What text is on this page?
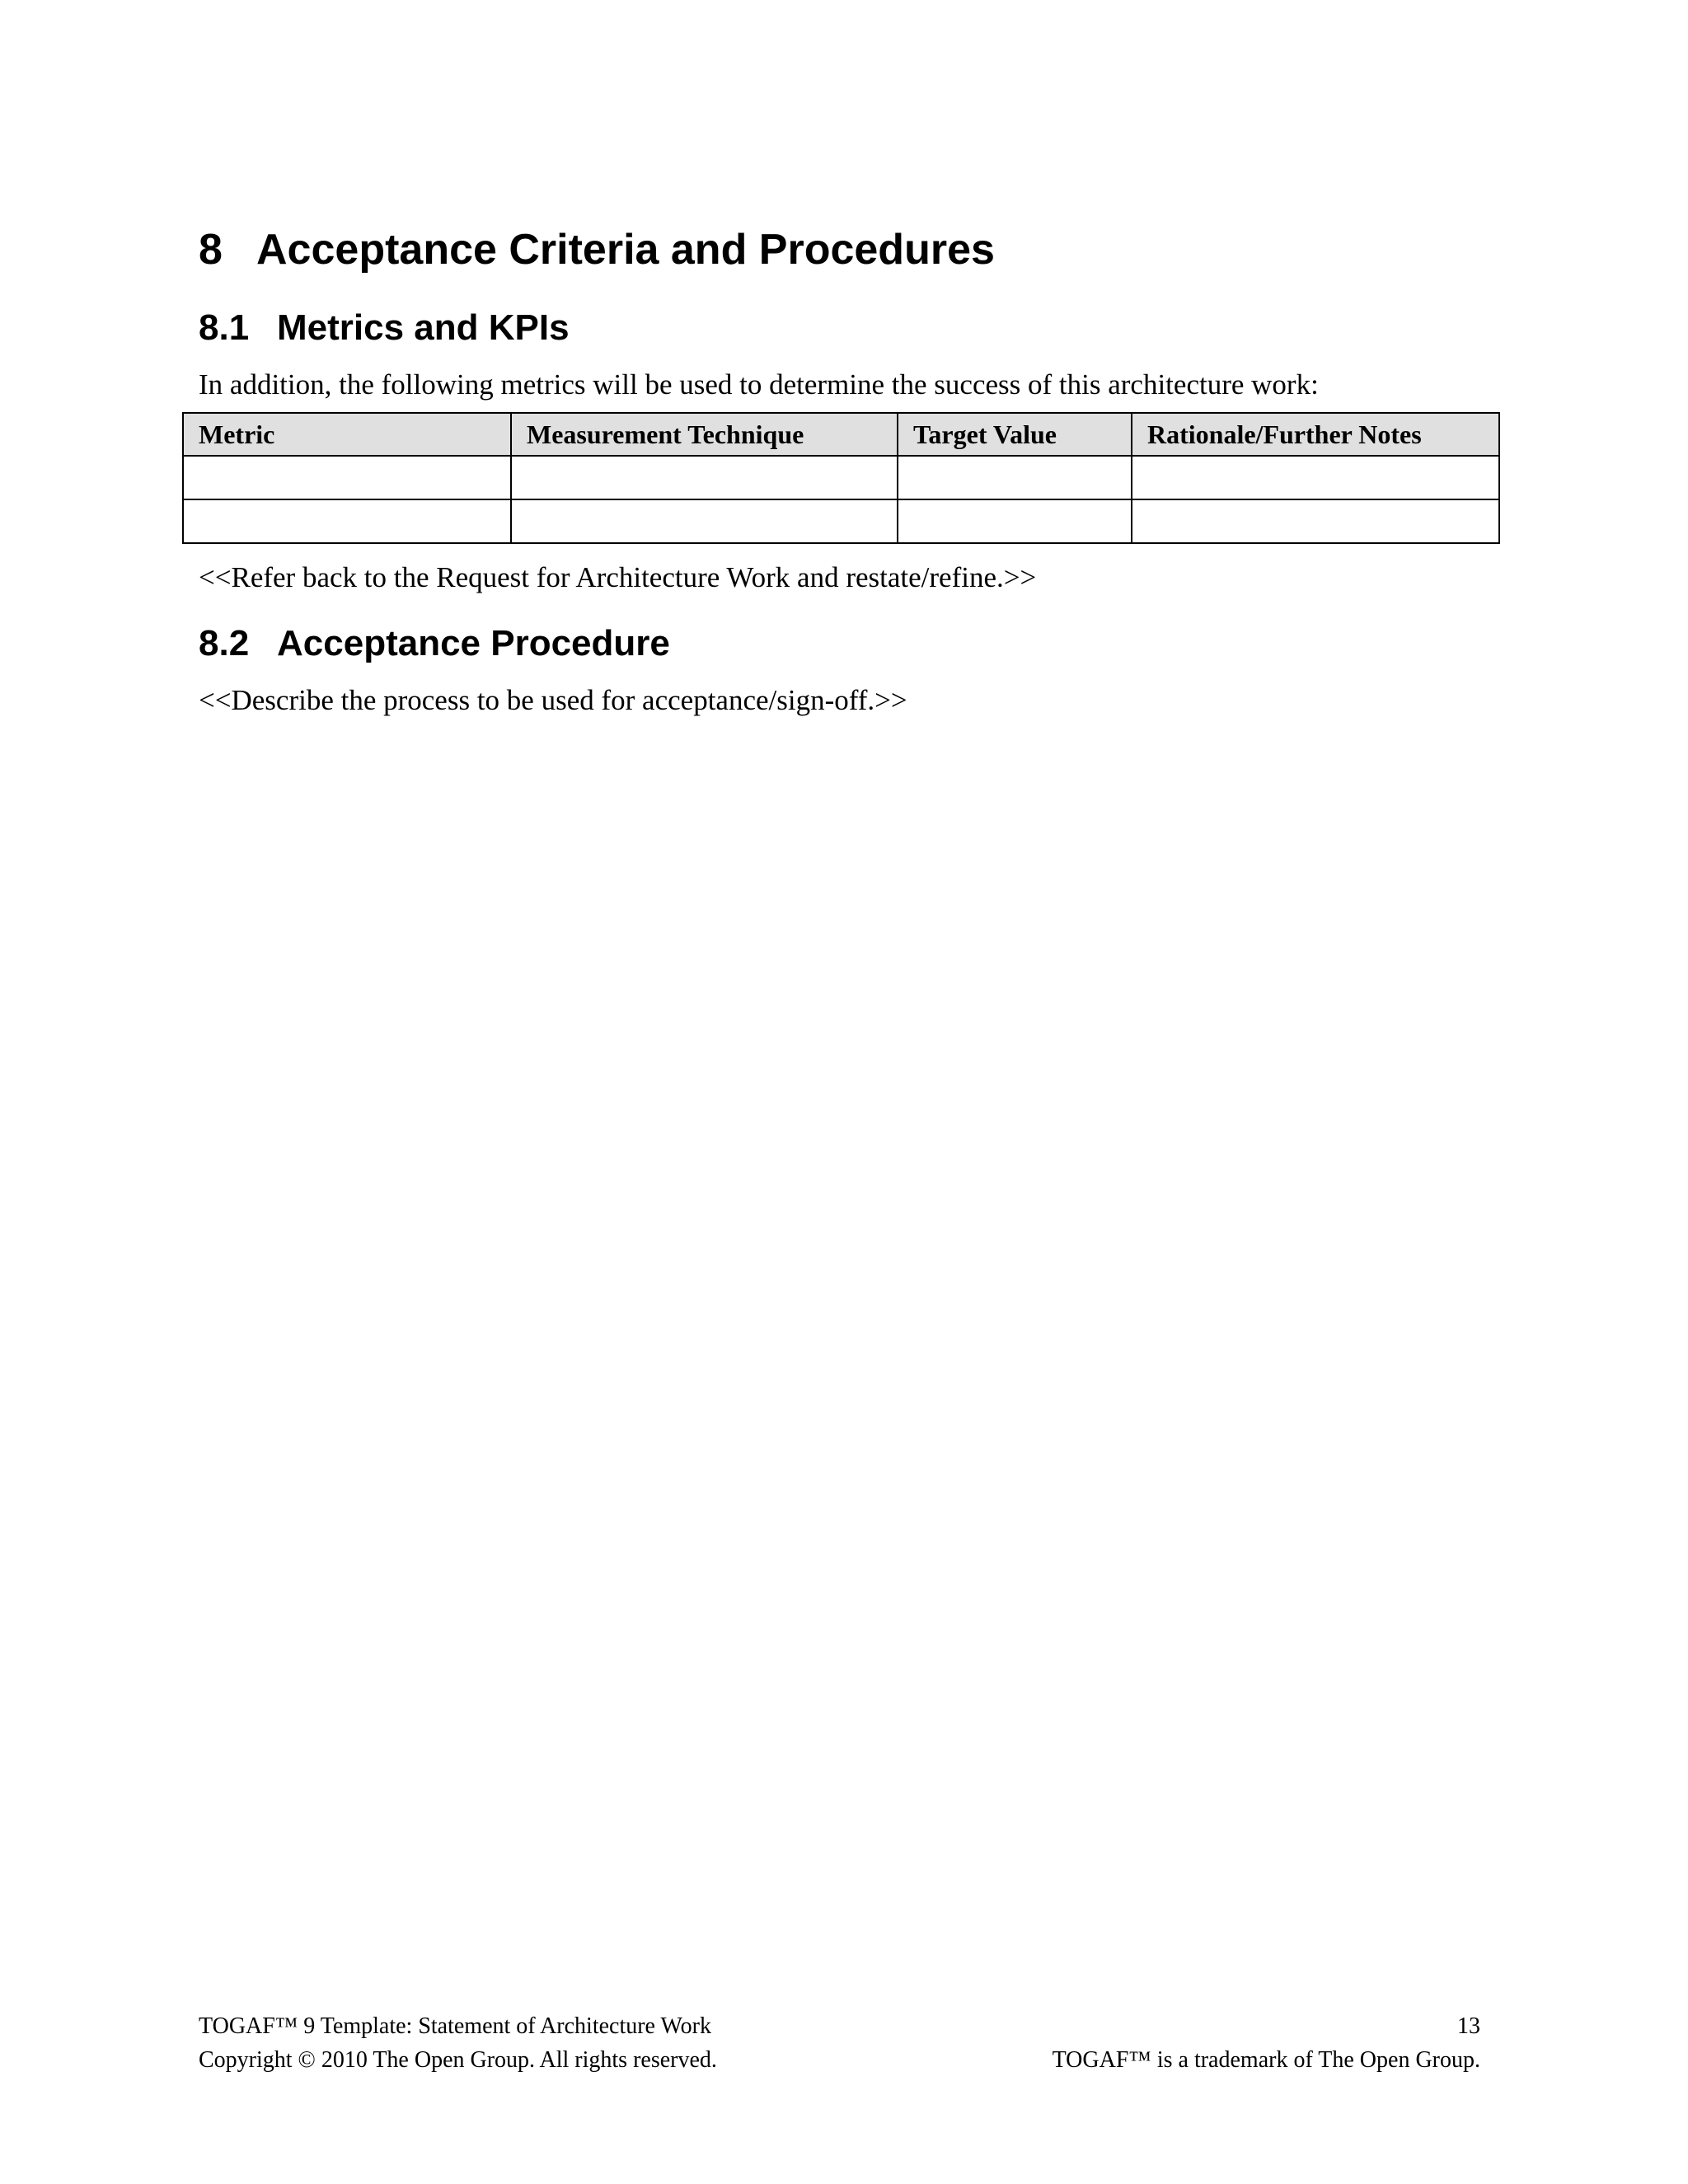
8 Acceptance Criteria and Procedures
8.1 Metrics and KPIs

In addition, the following metrics will be used to determine the success of this architecture work:

Metric	Measurement Technique	Target Value	Rationale/Further Notes

<<Refer back to the Request for Architecture Work and restate/refine.>>

8.2 Acceptance Procedure

<<Describe the process to be used for acceptance/sign-off.>>

TOGAF™ 9 Template: Statement of Architecture Work
Copyright © 2010 The Open Group. All rights reserved.
13
TOGAF™ is a trademark of The Open Group.
